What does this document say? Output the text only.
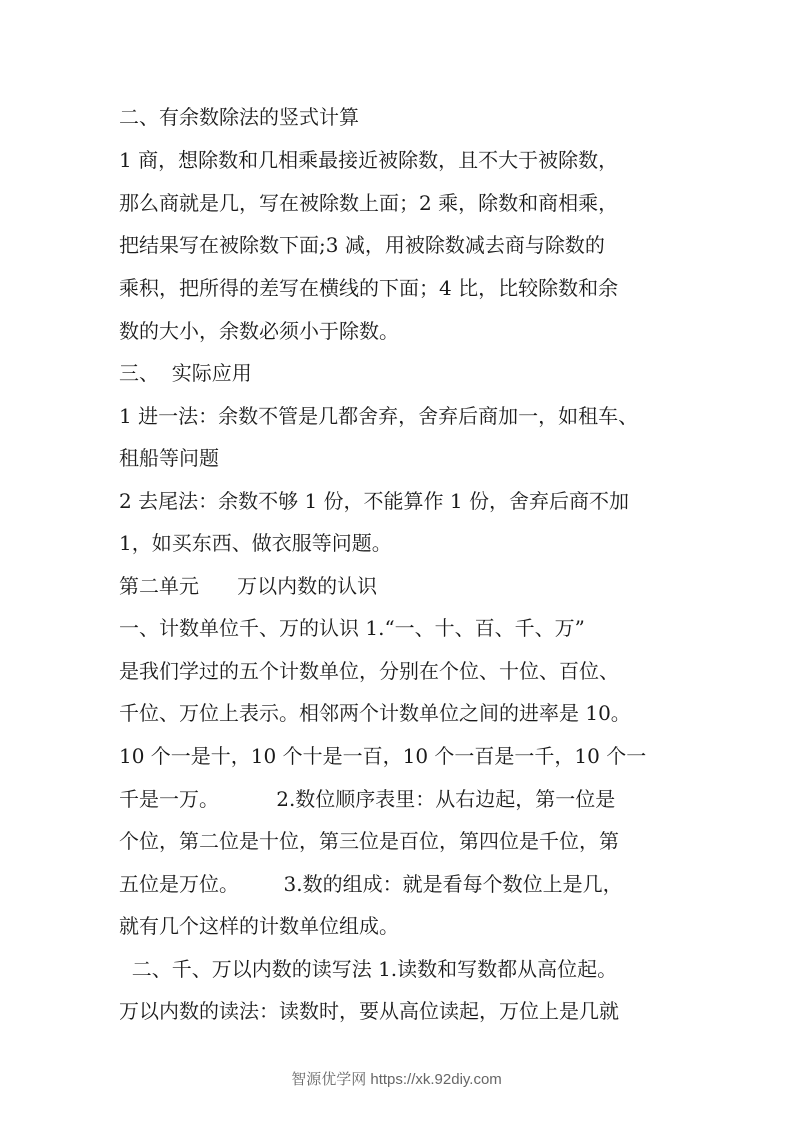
二、有余数除法的竖式计算
1 商，想除数和几相乘最接近被除数，且不大于被除数，
那么商就是几，写在被除数上面；2 乘，除数和商相乘，
把结果写在被除数下面;3 减，用被除数减去商与除数的
乘积，把所得的差写在横线的下面；4 比，比较除数和余
数的大小，余数必须小于除数。
三、  实际应用
1 进一法：余数不管是几都舍弃，舍弃后商加一，如租车、
租船等问题
2 去尾法：余数不够 1 份，不能算作 1 份，舍弃后商不加
1，如买东西、做衣服等问题。
第二单元      万以内数的认识
一、计数单位千、万的认识 1.“一、十、百、千、万”
是我们学过的五个计数单位，分别在个位、十位、百位、
千位、万位上表示。相邻两个计数单位之间的进率是 10。
10 个一是十，10 个十是一百，10 个一百是一千，10 个一
千是一万。         2.数位顺序表里：从右边起，第一位是
个位，第二位是十位，第三位是百位，第四位是千位，第
五位是万位。       3.数的组成：就是看每个数位上是几，
就有几个这样的计数单位组成。
二、千、万以内数的读写法 1.读数和写数都从高位起。
万以内数的读法：读数时，要从高位读起，万位上是几就
智源优学网 https://xk.92diy.com
